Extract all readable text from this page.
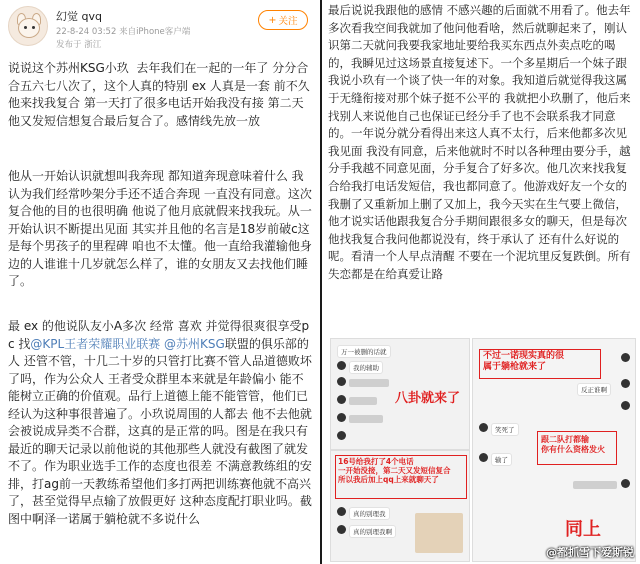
幻觉 qvq
22-8-24 03:52 来自iPhone客户端
发布于 浙江
+ 关注
说说这个苏州KSG小玖  去年我们在一起的一年了 分分合合五六七八次了，这个人真的特别 ex 人真是一套 前不久他来找我复合 第一天打了很多电话开始我没有接 第二天他又发短信想复合最后复合了。感情线先放一放
他从一开始认识就想叫我奔现 都知道奔现意味着什么 我认为我们经常吵架分手还不适合奔现 一直没有同意。这次复合他的目的也很明确 他说了他月底就假来找我玩。从一开始认识不断提出见面 其实并且他的名言是18岁前破c这是每个男孩子的里程碑 咱也不太懂。他一直给我灌输他身边的人谁谁十几岁就怎么样了，谁的女朋友又去找他们睡了。
最 ex 的他说队友小A多次 经常 喜欢 并觉得很爽很享受pc 找@KPL王者荣耀职业联赛 @苏州KSG联盟的俱乐部的人 还管不管，十几二十岁的只管打比赛不管人品道德败坏了吗，作为公众人 王者受众群里本来就是年龄偏小 能不能树立正确的价值观。品行上道德上能不能管管，他们已经认为这种事很普遍了。小玖说周围的人都去 他不去他就会被说成异类不合群，这真的是正常的吗。图是在我只有最近的聊天记录以前他说的其他那些人就没有截图了就发不了。作为职业选手工作的态度也很差 不满意教练组的安排，打ag前一天教练希望他们多打两把训练赛他就不高兴了，甚至觉得早点输了放假更好 这种态度配打职业吗。截图中啊泽一诺属于躺枪就不多说什么
最后说说我跟他的感情 不感兴趣的后面就不用看了。他去年多次看我空间我就加了他问他看啥，然后就聊起来了，刚认识第二天就问我要我家地址要给我买东西点外卖点吃的喝的，我瞬见过这场景直接复述下。一个多星期后一个妹子跟我说小玖有一个谈了快一年的对象。我知道后就觉得我这属于无缝衔接对那个妹子挺不公平的 我就把小玖删了，他后来找别人来说他自己也保证已经分手了也不会联系我才同意的。一年说分就分看得出来这人真不太行，后来他都多次见我见面 我没有同意，后来他就时不时以各种理由要分手，越分手我越不同意见面，分手复合了好多次。他几次来找我复合给我打电话发短信，我也都同意了。他游戏好友一个女的我删了又重新加上删了又加上，我今天实在生气要上微信，他才说实话他跟我复合分手期间跟很多女的聊天，但是每次他找我复合我问他都说没有，终于承认了 还有什么好说的呢。看清一个人早点清醒 不要在一个泥坑里反复跌倒。所有失恋都是在给真爱让路
万一被删的话就
我的辅助
八卦就来了
16号给我打了4个电话
一开始没接，第二天又发短信复合
所以我后加上qq上来就聊天了
真的别理我
真的别理我啊
不过一诺现实真的很
属于躺枪就来了
反正谁啊
笑死了
跟二队打都输
你有什么资格发火
输了
同上
@都抓雪下爱斯锐
